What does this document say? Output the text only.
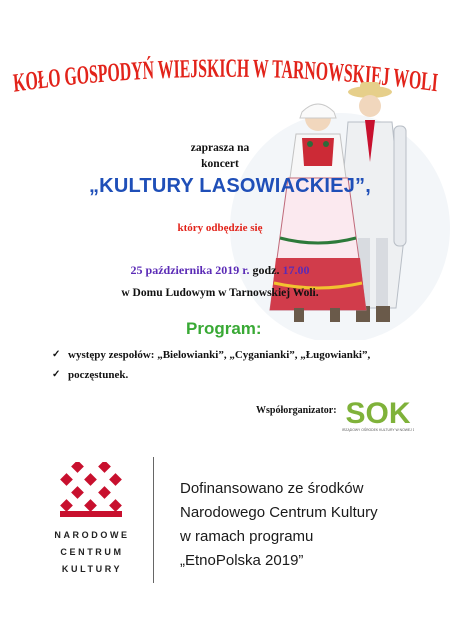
KOŁO GOSPODYŃ WIEJSKICH W TARNOWSKIEJ WOLI
zaprasza na
koncert
„KULTURY LASOWIACKIEJ”,
który odbędzie się
25 października 2019 r. godz. 17.00
w Domu Ludowym w Tarnowskiej Woli.
Program:
✓ występy zespołów: „Bielowianki”, „Cyganianki”, „Ługowianki”,
✓ poczęstunek.
Współorganizator: SOK
RZĄDOWY OŚRODEK KULTURY W NOWEJ
NARODOWE
CENTRUM
KULTURY
Dofinansowano ze środków
Narodowego Centrum Kultury
w ramach programu
„EtnoPolska 2019”
